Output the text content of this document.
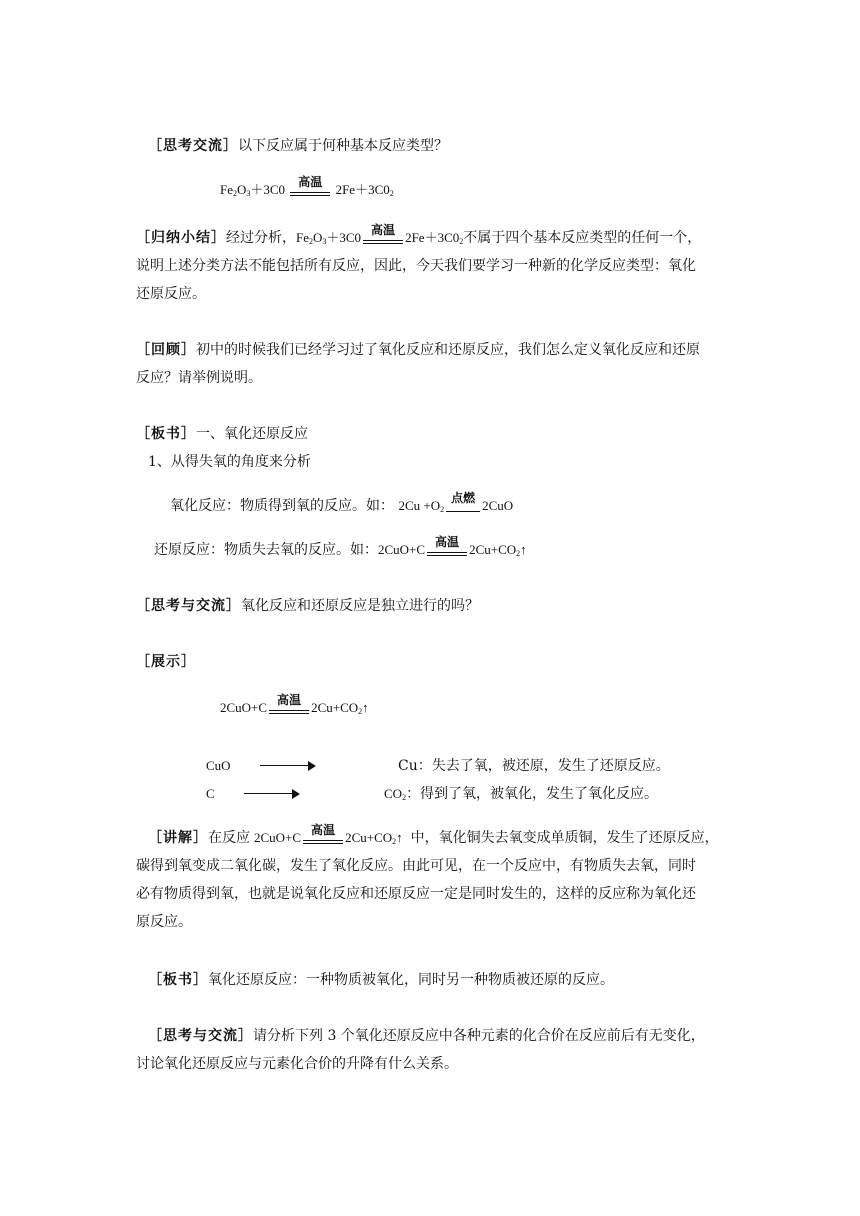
［思考交流］以下反应属于何种基本反应类型？
$Fe_2O_3+3C0$	高温	$2Fe+3C0_2$
［归纳小结］经过分析，$Fe_2O_3+3C0$ 高温 $2Fe+3C0_2$不属于四个基本反应类型的任何一个，
说明上述分类方法不能包括所有反应，因此，今天我们要学习一种新的化学反应类型：氧化
还原反应。
［回顾］初中的时候我们已经学习过了氧化反应和还原反应，我们怎么定义氧化反应和还原
反应？请举例说明。
［板书］一、氧化还原反应
1、从得失氧的角度来分析
氧化反应：物质得到氧的反应。如： $2Cu +O_2$
点燃 2CuO
还原反应：物质失去氧的反应。如：2CuO+C 高温 $2Cu+CO_2↑$
［思考与交流］氧化反应和还原反应是独立进行的吗？
［展示］
2CuO+C 高温 $2Cu+CO_2↑$
CuO	Cu：失去了氧，被还原，发生了还原反应。
C	$CO_2$：得到了氧，被氧化，发生了氧化反应。
［讲解］在反应 2CuO+C 高温 $2Cu+CO_2↑$ 中，氧化铜失去氧变成单质铜，发生了还原反应，
碳得到氧变成二氧化碳，发生了氧化反应。由此可见，在一个反应中，有物质失去氧，同时
必有物质得到氧，也就是说氧化反应和还原反应一定是同时发生的，这样的反应称为氧化还
原反应。
［板书］氧化还原反应：一种物质被氧化，同时另一种物质被还原的反应。
［思考与交流］请分析下列 3 个氧化还原反应中各种元素的化合价在反应前后有无变化，
讨论氧化还原反应与元素化合价的升降有什么关系。
